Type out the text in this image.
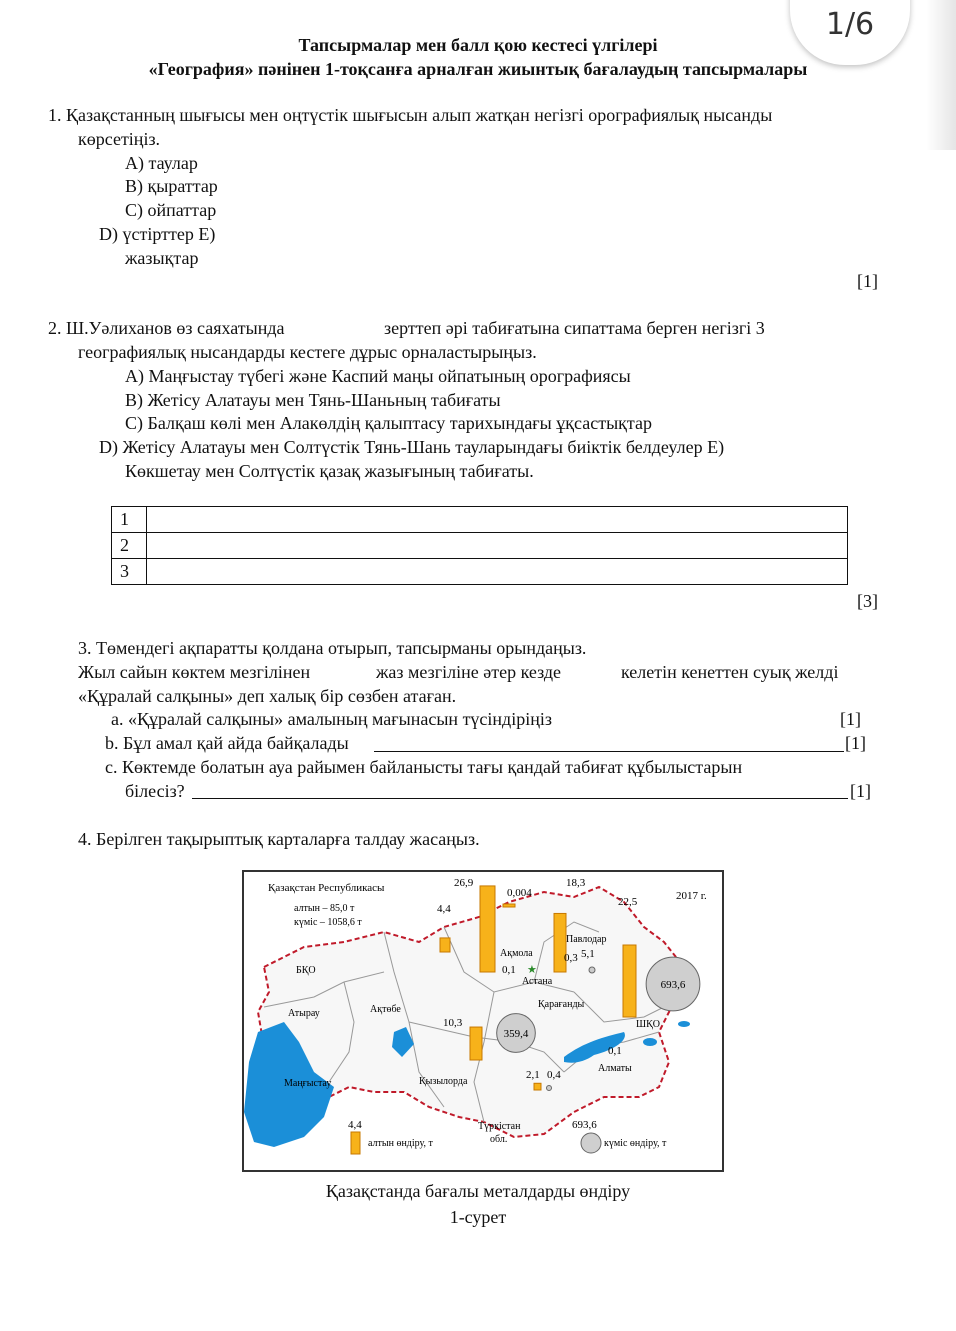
1/6
Тапсырмалар мен балл қою кестесі үлгілері
«География» пәнінен 1-тоқсанға арналған жиынтық бағалаудың тапсырмалары
1. Қазақстанның шығысы мен оңтүстік шығысын алып жатқан негізгі орографиялық нысанды
көрсетіңіз.
A) таулар
B) қыраттар
C) ойпаттар
D) үстірттер E)
жазықтар
[1]
2. Ш.Уәлиханов өз саяхатында	зерттеп әрі табиғатына сипаттама берген негізгі 3
географиялық нысандарды кестеге дұрыс орналастырыңыз.
A) Маңғыстау түбегі және Каспий маңы ойпатының орографиясы
B) Жетісу Алатауы мен Тянь-Шаньның табиғаты
C) Балқаш көлі мен Алакөлдің қалыптасу тарихындағы ұқсастықтар
D) Жетісу Алатауы мен Солтүстік Тянь-Шань тауларындағы биіктік белдеулер E)
Көкшетау мен Солтүстік қазақ жазығының табиғаты.
1	
2	
3	
[3]
3. Төмендегі ақпаратты қолдана отырып, тапсырманы орындаңыз.
Жыл сайын көктем мезгілінен	жаз мезгіліне әтер кезде	келетін кенеттен суық желді
«Құралай салқыны» деп халық бір сөзбен атаған.
a. «Құралай салқыны» амалының мағынасын түсіндіріңіз	[1]
b. Бұл амал қай айда байқалады	[1]
c. Көктемде болатын ауа райымен байланысты тағы қандай табиғат құбылыстарын
білесіз?	[1]
4. Берілген тақырыптық карталарға талдау жасаңыз.
Қазақстан Республикасы
алтын – 85,0 т
күміс – 1058,6 т
2017 г.
БҚО
Атырау	Ақтөбе
Маңғыстау	Қызылорда
Түркістан
обл.
Ақмола
Астана
Павлодар
Қарағанды
ШҚО
Алматы
4,4
26,9
0,004
18,3
22,5
10,3
2,1
0,1
0,3 5,1
0,1
0,4
★
693,6
359,4
4,4
алтын өндіру, т
693,6
күміс өндіру, т
Қазақстанда бағалы металдарды өндіру
1-сурет
